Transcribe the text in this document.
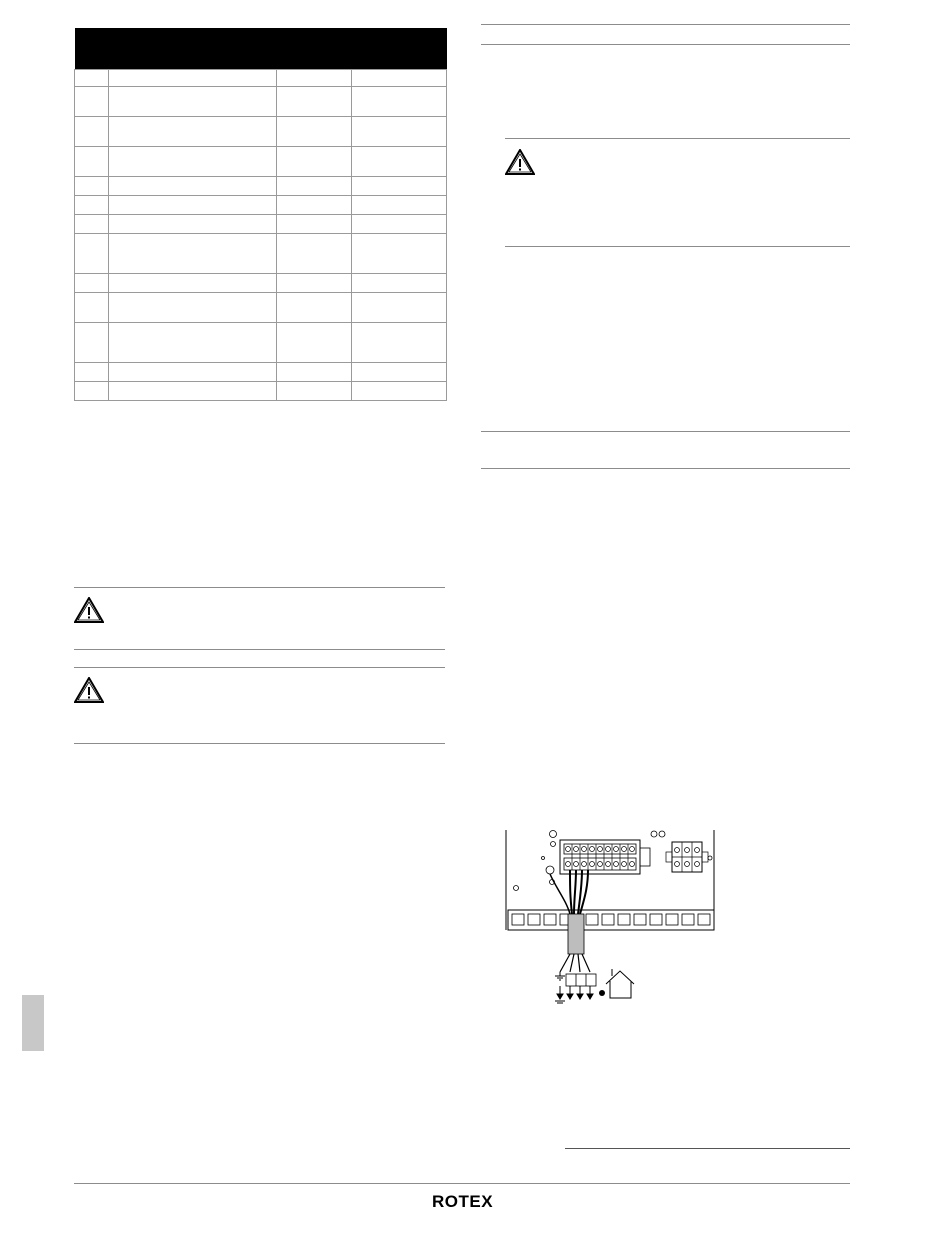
ROTEX
